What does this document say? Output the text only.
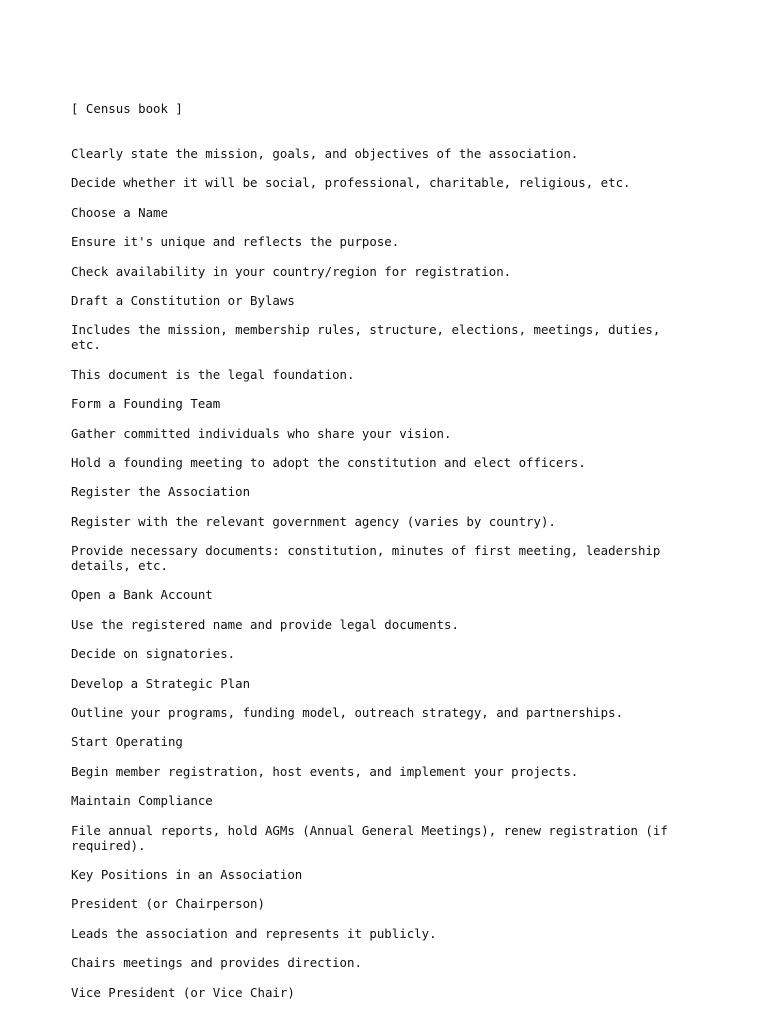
[ Census book ]

Clearly state the mission, goals, and objectives of the association.
Decide whether it will be social, professional, charitable, religious, etc.
Choose a Name
Ensure it's unique and reflects the purpose.
Check availability in your country/region for registration.
Draft a Constitution or Bylaws
Includes the mission, membership rules, structure, elections, meetings, duties, etc.
This document is the legal foundation.
Form a Founding Team
Gather committed individuals who share your vision.
Hold a founding meeting to adopt the constitution and elect officers.
Register the Association
Register with the relevant government agency (varies by country).
Provide necessary documents: constitution, minutes of first meeting, leadership details, etc.
Open a Bank Account
Use the registered name and provide legal documents.
Decide on signatories.
Develop a Strategic Plan
Outline your programs, funding model, outreach strategy, and partnerships.
Start Operating
Begin member registration, host events, and implement your projects.
Maintain Compliance
File annual reports, hold AGMs (Annual General Meetings), renew registration (if required).
Key Positions in an Association
President (or Chairperson)
Leads the association and represents it publicly.
Chairs meetings and provides direction.
Vice President (or Vice Chair)
